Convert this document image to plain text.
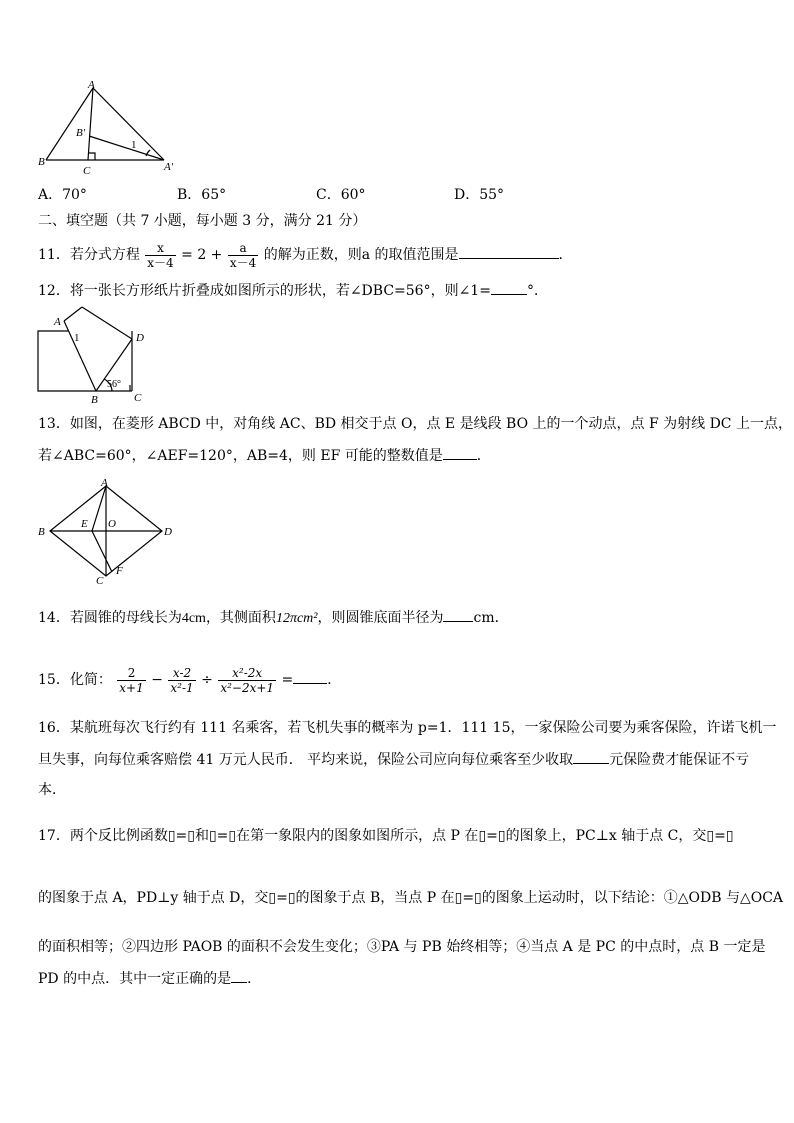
A
B'
1
B
C	A'
A．70°	B．65°	C．60°	D．55°
二、填空题（共 7 小题，每小题 3 分，满分 21 分）
11．若分式方程 $\frac{x}{x-4} = 2 + \frac{a}{x-4}$ 的解为正数，则a 的取值范围是	．
12．将一张长方形纸片折叠成如图所示的形状，若∠DBC=56°，则∠1=	°．
A
1	D
56°
B	C
13．如图，在菱形 ABCD 中，对角线 AC、BD 相交于点 O，点 E 是线段 BO 上的一个动点，点 F 为射线 DC 上一点，
若∠ABC=60°，∠AEF=120°，AB=4，则 EF 可能的整数值是 ．
A
B
E O
D
F
C
14．若圆锥的母线长为4cm，其侧面积12πcm²，则圆锥底面半径为 cm．
15．化简： $\frac{2}{x+1} - \frac{x-2}{\text{x²-1}} \div \frac{\text{x²-2x}}{\text{x²−2x+1}}$ = ．
16．某航班每次飞行约有 111 名乘客，若飞机失事的概率为 p=1．111 15，一家保险公司要为乘客保险，许诺飞机一
旦失事，向每位乘客赔偿 41 万元人民币． 平均来说，保险公司应向每位乘客至少收取	元保险费才能保证不亏
本．
17．两个反比例函数▯=▯和▯=▯在第一象限内的图象如图所示，点 P 在▯=▯的图象上，PC⊥x 轴于点 C，交▯=▯
的图象于点 A，PD⊥y 轴于点 D，交▯=▯的图象于点 B，当点 P 在▯=▯的图象上运动时，以下结论：①△ODB 与△OCA
的面积相等；②四边形 PAOB 的面积不会发生变化；③PA 与 PB 始终相等；④当点 A 是 PC 的中点时，点 B 一定是
PD 的中点．其中一定正确的是 ．
